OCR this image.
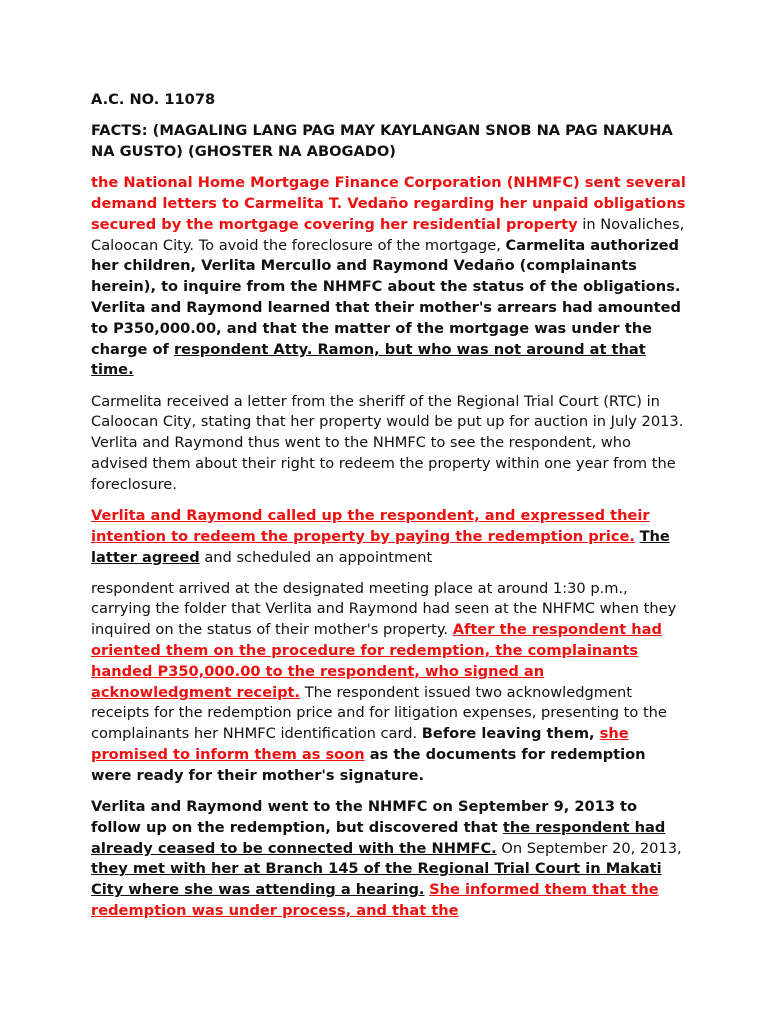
A.C. NO. 11078

FACTS: (MAGALING LANG PAG MAY KAYLANGAN SNOB NA PAG NAKUHA NA GUSTO) (GHOSTER NA ABOGADO)

the National Home Mortgage Finance Corporation (NHMFC) sent several demand letters to Carmelita T. Vedaño regarding her unpaid obligations secured by the mortgage covering her residential property in Novaliches, Caloocan City. To avoid the foreclosure of the mortgage, Carmelita authorized her children, Verlita Mercullo and Raymond Vedaño (complainants herein), to inquire from the NHMFC about the status of the obligations. Verlita and Raymond learned that their mother's arrears had amounted to P350,000.00, and that the matter of the mortgage was under the charge of respondent Atty. Ramon, but who was not around at that time.

Carmelita received a letter from the sheriff of the Regional Trial Court (RTC) in Caloocan City, stating that her property would be put up for auction in July 2013. Verlita and Raymond thus went to the NHMFC to see the respondent, who advised them about their right to redeem the property within one year from the foreclosure.

Verlita and Raymond called up the respondent, and expressed their intention to redeem the property by paying the redemption price. The latter agreed and scheduled an appointment

respondent arrived at the designated meeting place at around 1:30 p.m., carrying the folder that Verlita and Raymond had seen at the NHFMC when they inquired on the status of their mother's property. After the respondent had oriented them on the procedure for redemption, the complainants handed P350,000.00 to the respondent, who signed an acknowledgment receipt. The respondent issued two acknowledgment receipts for the redemption price and for litigation expenses, presenting to the complainants her NHMFC identification card. Before leaving them, she promised to inform them as soon as the documents for redemption were ready for their mother's signature.

Verlita and Raymond went to the NHMFC on September 9, 2013 to follow up on the redemption, but discovered that the respondent had already ceased to be connected with the NHMFC. On September 20, 2013, they met with her at Branch 145 of the Regional Trial Court in Makati City where she was attending a hearing. She informed them that the redemption was under process, and that the
